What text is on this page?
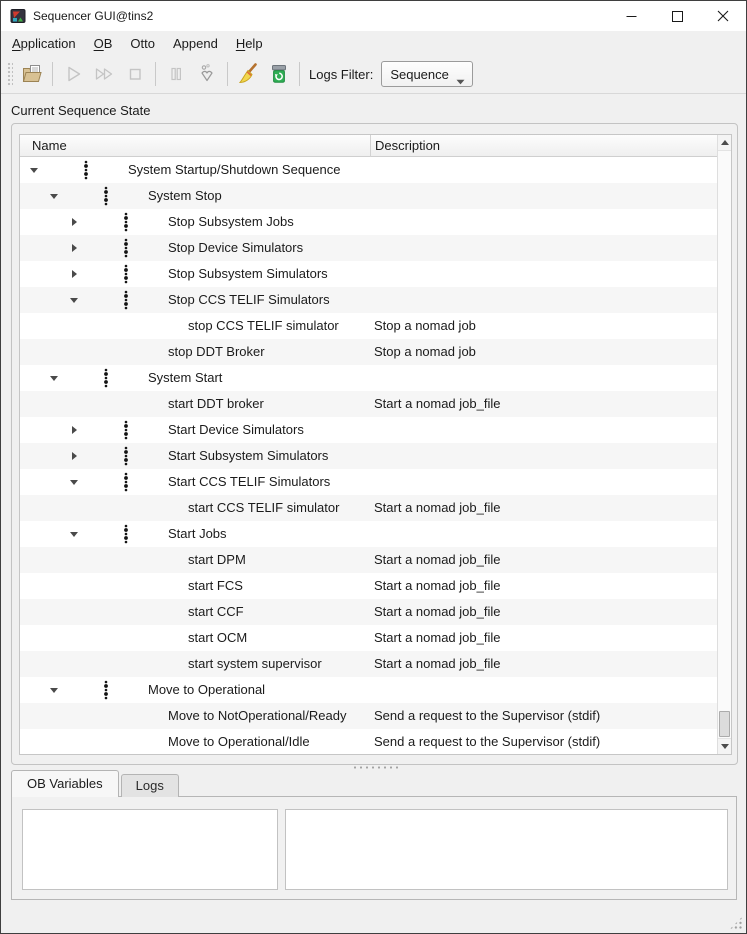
Sequencer GUI@tins2
Application	OB	Otto	Append	Help
Logs Filter:	Sequence
Current Sequence State
Name	Description
System Startup/Shutdown Sequence
System Stop
Stop Subsystem Jobs
Stop Device Simulators
Stop Subsystem Simulators
Stop CCS TELIF Simulators
stop CCS TELIF simulator	Stop a nomad job
stop DDT Broker	Stop a nomad job
System Start
start DDT broker	Start a nomad job_file
Start Device Simulators
Start Subsystem Simulators
Start CCS TELIF Simulators
start CCS TELIF simulator	Start a nomad job_file
Start Jobs
start DPM	Start a nomad job_file
start FCS	Start a nomad job_file
start CCF	Start a nomad job_file
start OCM	Start a nomad job_file
start system supervisor	Start a nomad job_file
Move to Operational
Move to NotOperational/Ready	Send a request to the Supervisor (stdif)
Move to Operational/Idle	Send a request to the Supervisor (stdif)
OB Variables	Logs
